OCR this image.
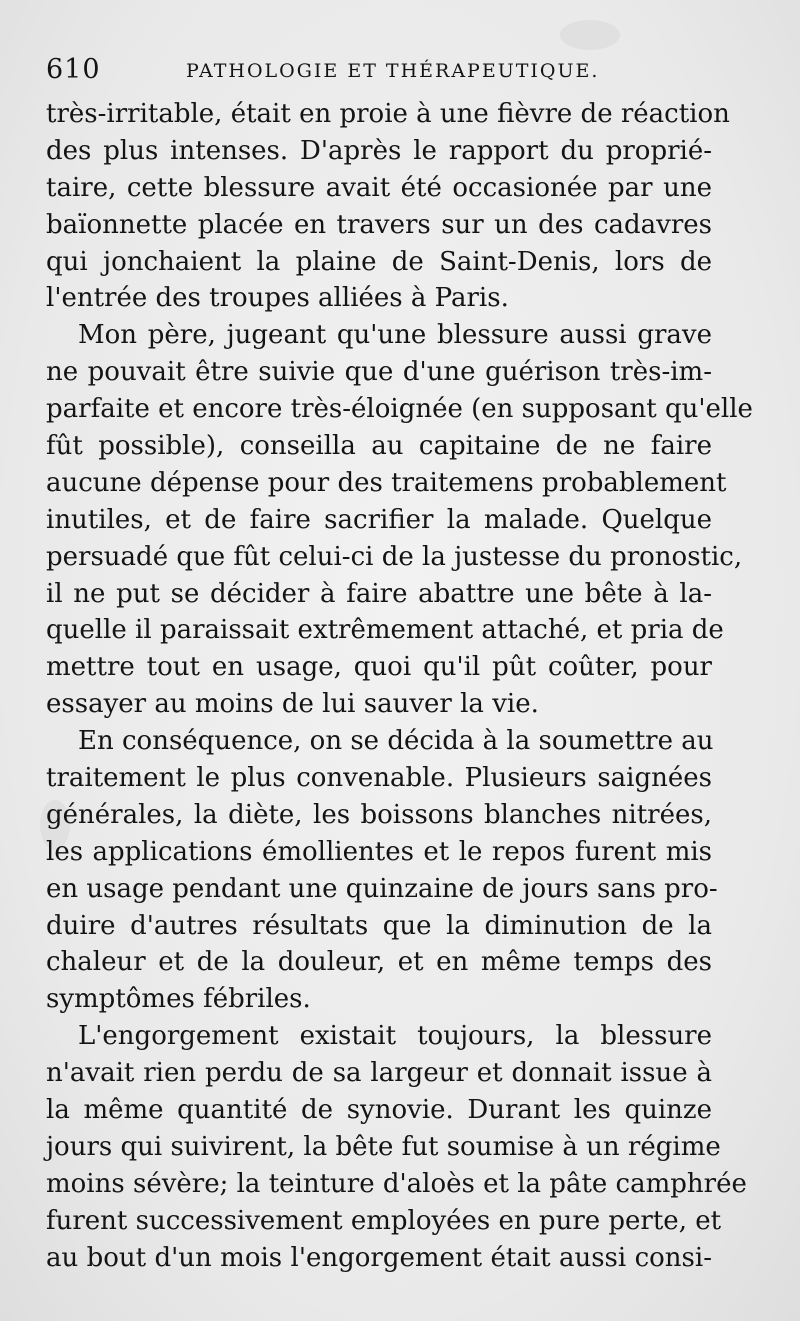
610	PATHOLOGIE ET THÉRAPEUTIQUE.
très-irritable, était en proie à une fièvre de réaction
des plus intenses. D'après le rapport du proprié-
taire, cette blessure avait été occasionée par une
baïonnette placée en travers sur un des cadavres
qui jonchaient la plaine de Saint-Denis, lors de
l'entrée des troupes alliées à Paris.
Mon père, jugeant qu'une blessure aussi grave
ne pouvait être suivie que d'une guérison très-im-
parfaite et encore très-éloignée (en supposant qu'elle
fût possible), conseilla au capitaine de ne faire
aucune dépense pour des traitemens probablement
inutiles, et de faire sacrifier la malade. Quelque
persuadé que fût celui-ci de la justesse du pronostic,
il ne put se décider à faire abattre une bête à la-
quelle il paraissait extrêmement attaché, et pria de
mettre tout en usage, quoi qu'il pût coûter, pour
essayer au moins de lui sauver la vie.
En conséquence, on se décida à la soumettre au
traitement le plus convenable. Plusieurs saignées
générales, la diète, les boissons blanches nitrées,
les applications émollientes et le repos furent mis
en usage pendant une quinzaine de jours sans pro-
duire d'autres résultats que la diminution de la
chaleur et de la douleur, et en même temps des
symptômes fébriles.
L'engorgement existait toujours, la blessure
n'avait rien perdu de sa largeur et donnait issue à
la même quantité de synovie. Durant les quinze
jours qui suivirent, la bête fut soumise à un régime
moins sévère; la teinture d'aloès et la pâte camphrée
furent successivement employées en pure perte, et
au bout d'un mois l'engorgement était aussi consi-
